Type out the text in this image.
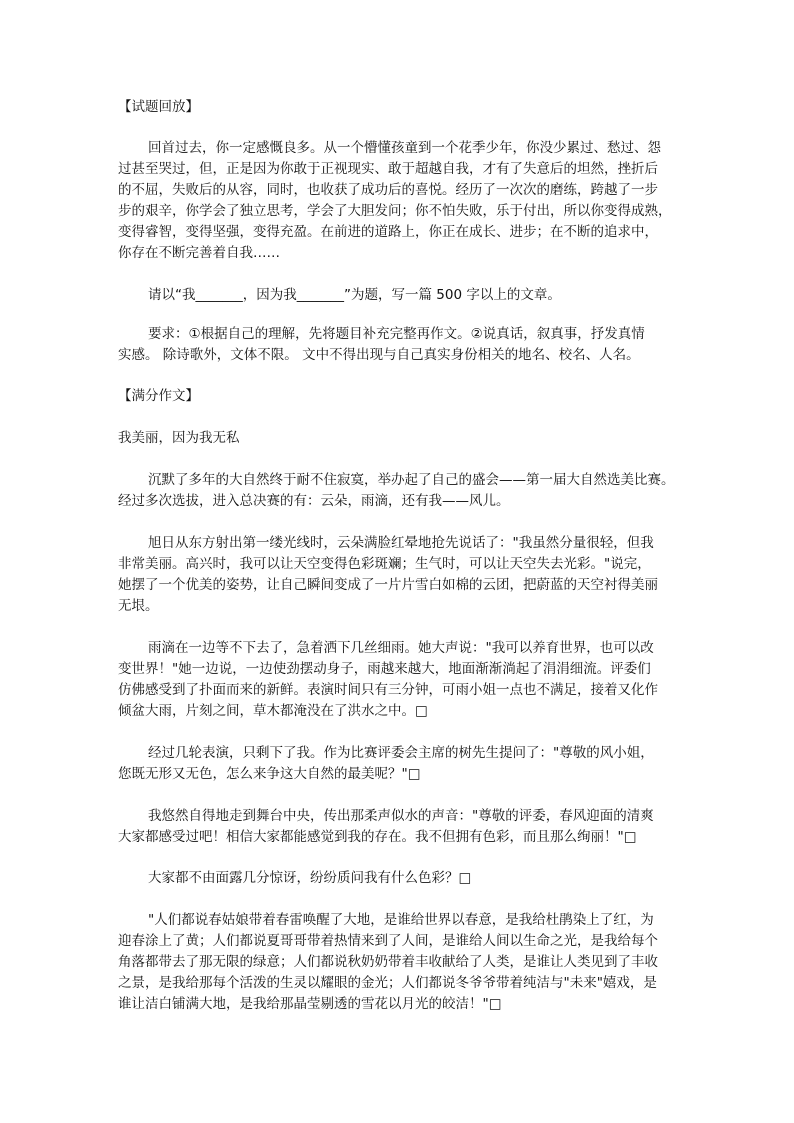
【试题回放】
回首过去，你一定感慨良多。从一个懵懂孩童到一个花季少年，你没少累过、愁过、怨
过甚至哭过，但，正是因为你敢于正视现实、敢于超越自我，才有了失意后的坦然，挫折后
的不屈，失败后的从容，同时，也收获了成功后的喜悦。经历了一次次的磨练，跨越了一步
步的艰辛，你学会了独立思考，学会了大胆发问；你不怕失败，乐于付出，所以你变得成熟，
变得睿智，变得坚强，变得充盈。在前进的道路上，你正在成长、进步；在不断的追求中，
你存在不断完善着自我……
请以“我_______，因为我_______”为题，写一篇 500 字以上的文章。
要求：①根据自己的理解，先将题目补充完整再作文。②说真话，叙真事，抒发真情
实感。 除诗歌外，文体不限。 文中不得出现与自己真实身份相关的地名、校名、人名。
【满分作文】
我美丽，因为我无私
沉默了多年的大自然终于耐不住寂寞，举办起了自己的盛会——第一届大自然选美比赛。
经过多次选拔，进入总决赛的有：云朵，雨滴，还有我——风儿。
旭日从东方射出第一缕光线时，云朵满脸红晕地抢先说话了："我虽然分量很轻，但我
非常美丽。高兴时，我可以让天空变得色彩斑斓；生气时，可以让天空失去光彩。"说完，
她摆了一个优美的姿势，让自己瞬间变成了一片片雪白如棉的云团，把蔚蓝的天空衬得美丽
无垠。
雨滴在一边等不下去了，急着洒下几丝细雨。她大声说："我可以养育世界，也可以改
变世界！"她一边说，一边使劲摆动身子，雨越来越大，地面渐渐淌起了涓涓细流。评委们
仿佛感受到了扑面而来的新鲜。表演时间只有三分钟，可雨小姐一点也不满足，接着又化作
倾盆大雨，片刻之间，草木都淹没在了洪水之中。□
经过几轮表演，只剩下了我。作为比赛评委会主席的树先生提问了："尊敬的风小姐，
您既无形又无色，怎么来争这大自然的最美呢？"□
我悠然自得地走到舞台中央，传出那柔声似水的声音："尊敬的评委，春风迎面的清爽
大家都感受过吧！相信大家都能感觉到我的存在。我不但拥有色彩，而且那么绚丽！"□
大家都不由面露几分惊讶，纷纷质问我有什么色彩？□
"人们都说春姑娘带着春雷唤醒了大地，是谁给世界以春意，是我给杜鹃染上了红，为
迎春涂上了黄；人们都说夏哥哥带着热情来到了人间，是谁给人间以生命之光，是我给每个
角落都带去了那无限的绿意；人们都说秋奶奶带着丰收献给了人类，是谁让人类见到了丰收
之景，是我给那每个活泼的生灵以耀眼的金光；人们都说冬爷爷带着纯洁与"未来"嬉戏，是
谁让洁白铺满大地，是我给那晶莹剔透的雪花以月光的皎洁！"□
